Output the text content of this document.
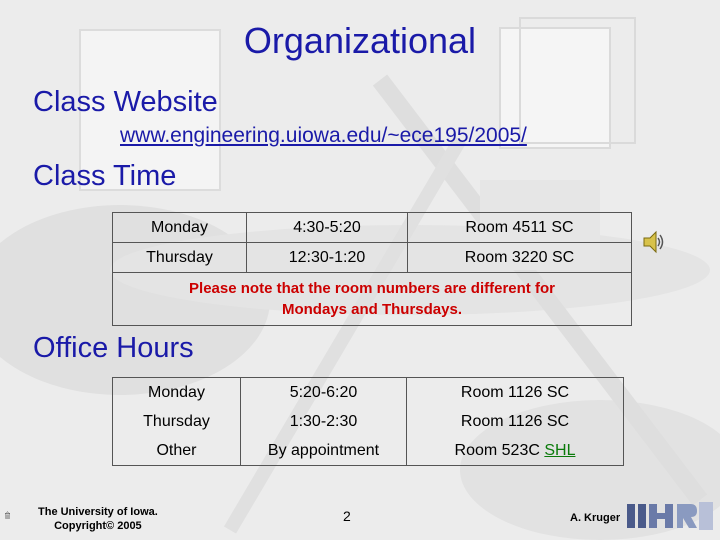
Organizational
Class Website
www.engineering.uiowa.edu/~ece195/2005/
Class Time
Monday	4:30-5:20	Room 4511 SC
Thursday	12:30-1:20	Room 3220 SC
Please note that the room numbers are different for
Mondays and Thursdays.		
Office Hours
Monday	5:20-6:20	Room 1126 SC
Thursday	1:30-2:30	Room 1126 SC
Other	By appointment	Room 523C SHL
The University of Iowa.
Copyright© 2005
2	A. Kruger
